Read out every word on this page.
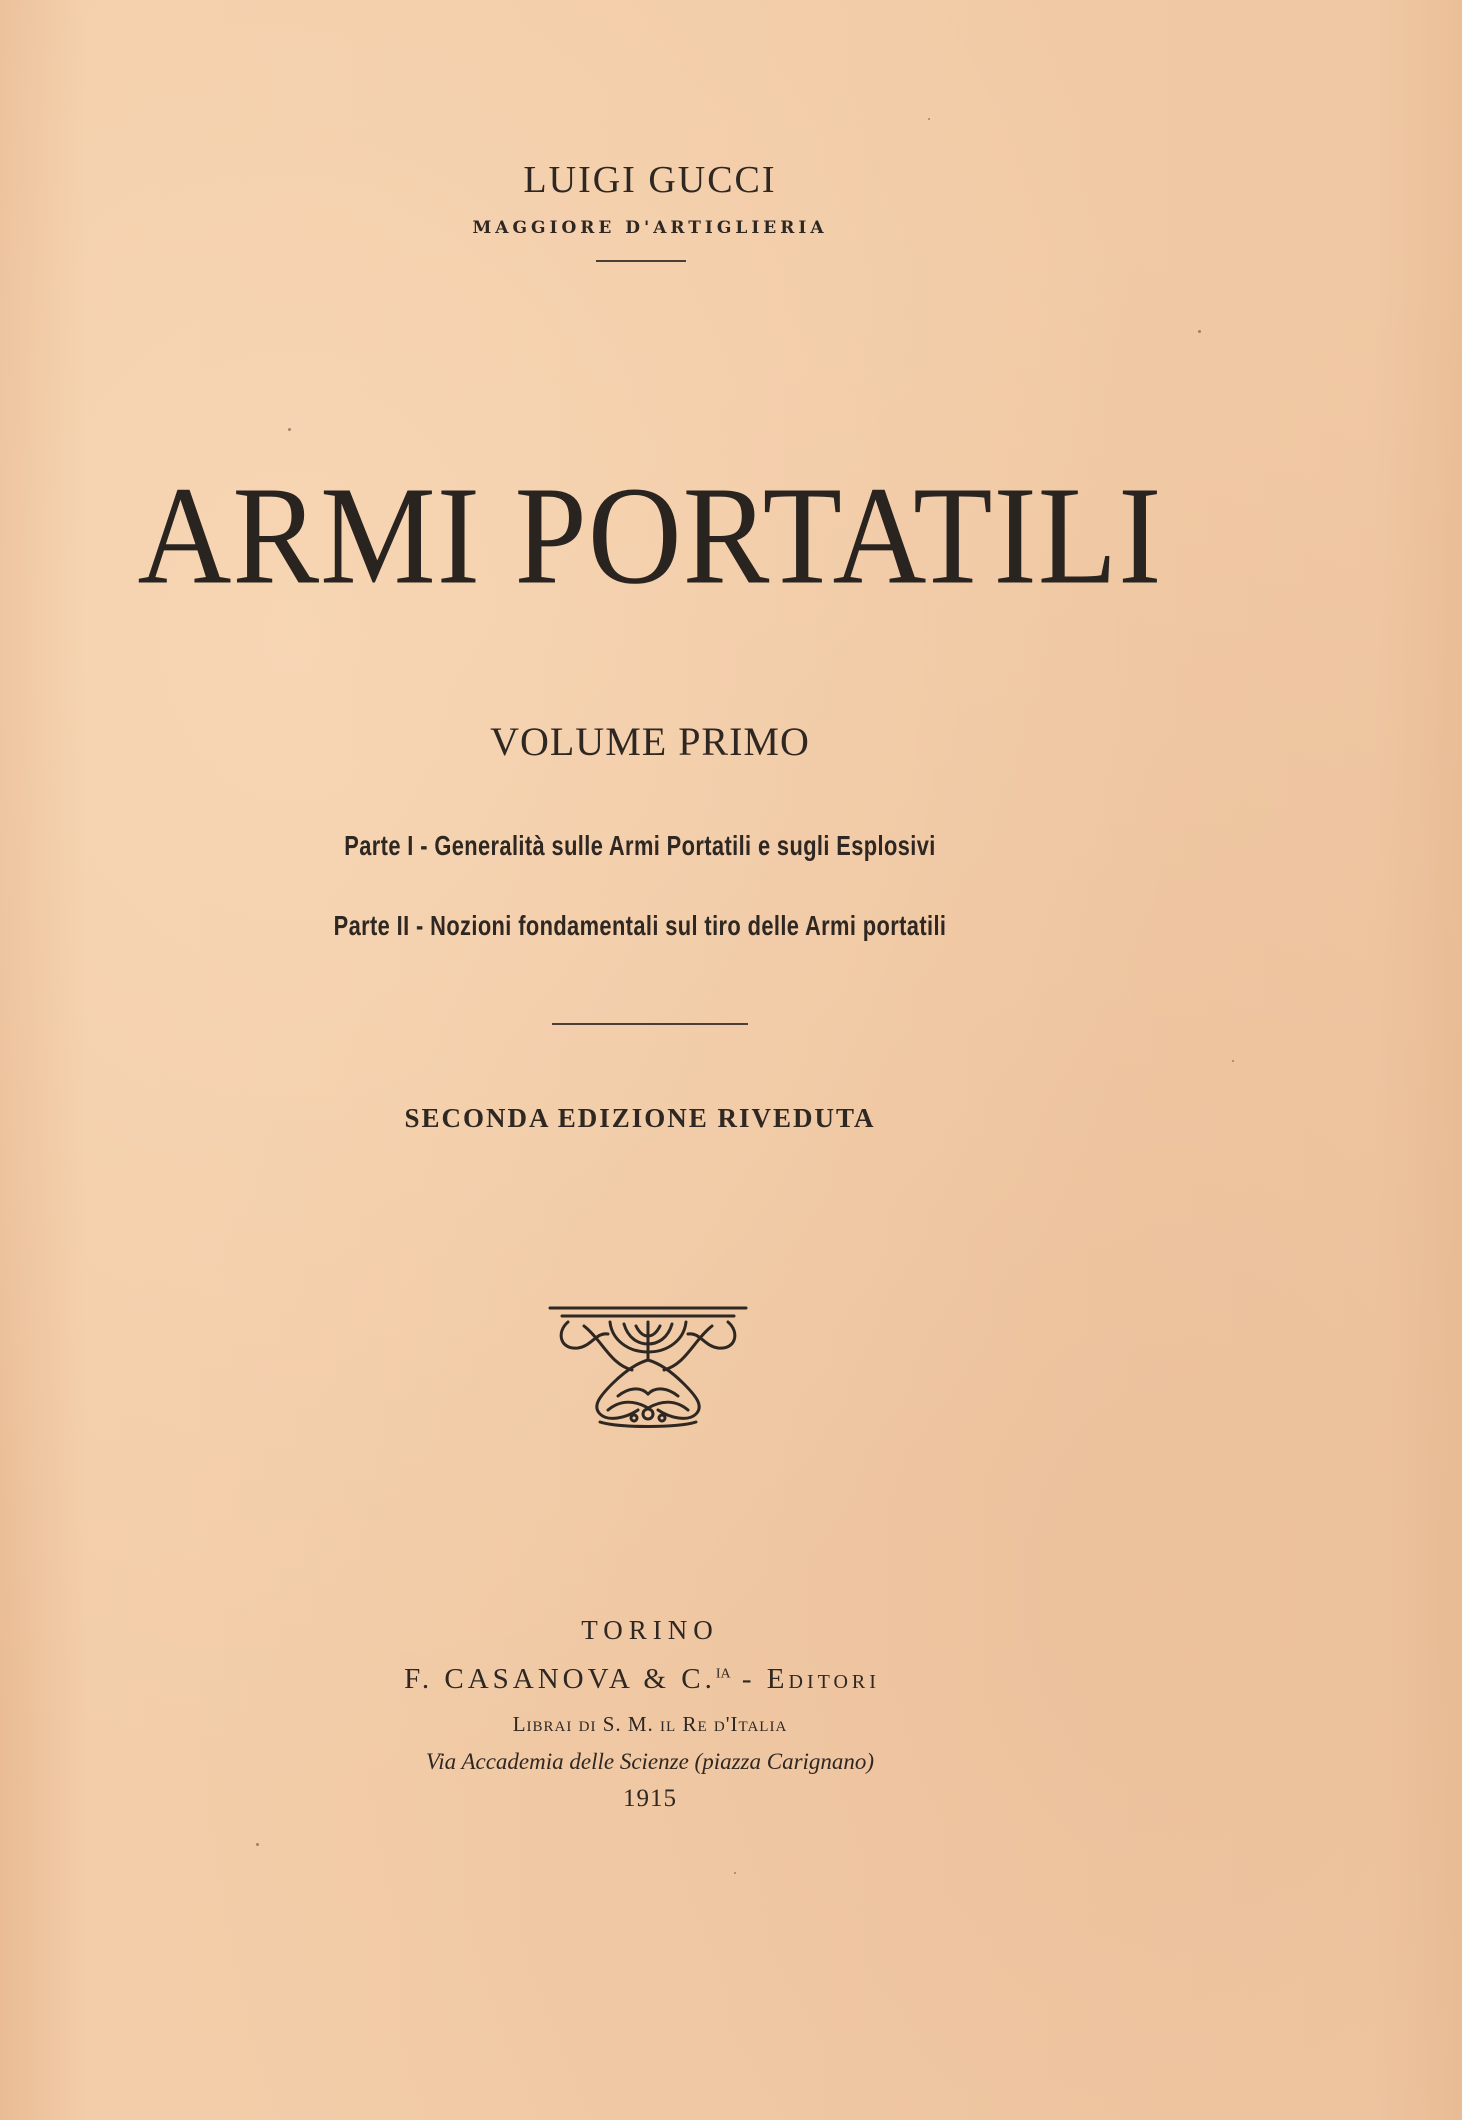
LUIGI GUCCI
MAGGIORE D'ARTIGLIERIA
ARMI PORTATILI
VOLUME PRIMO
Parte I - Generalità sulle Armi Portatili e sugli Esplosivi
Parte II - Nozioni fondamentali sul tiro delle Armi portatili
SECONDA EDIZIONE RIVEDUTA
TORINO
F. CASANOVA & C.$^{IA}$ - Editori
Librai di S. M. il Re d'Italia
Via Accademia delle Scienze (piazza Carignano)
1915
